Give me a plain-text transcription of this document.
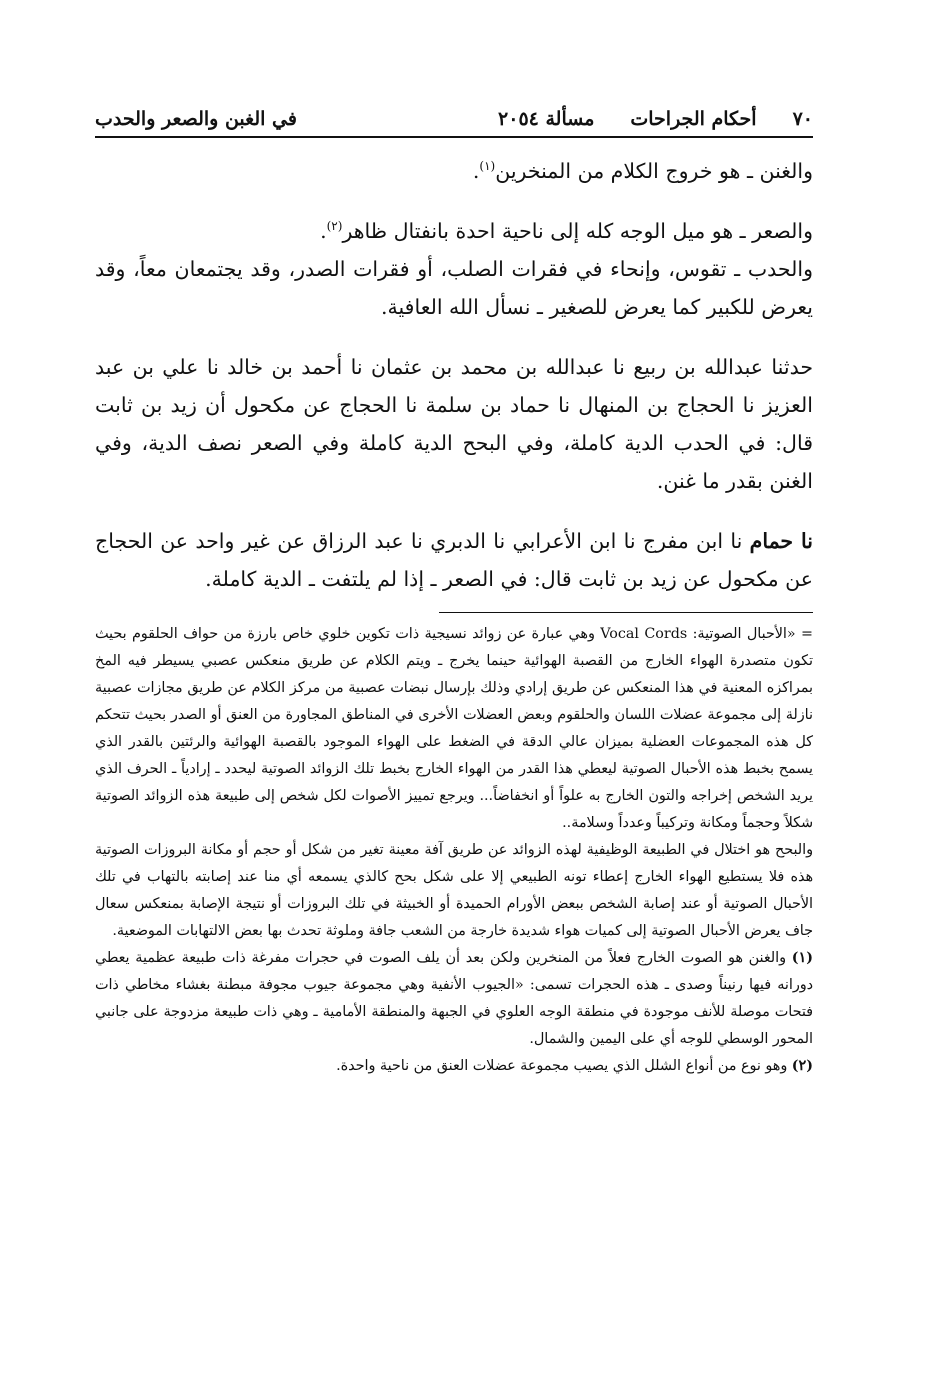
٧٠
أحكام الجراحات
مسألة ٢٠٥٤
في الغبن والصعر والحدب

والغنن ـ هو خروج الكلام من المنخرين$^{(١)}$.

والصعر ـ هو ميل الوجه كله إلى ناحية احدة بانفتال ظاهر$^{(٢)}$.

والحدب ـ تقوس، وإنحاء في فقرات الصلب، أو فقرات الصدر، وقد يجتمعان معاً، وقد يعرض للكبير كما يعرض للصغير ـ نسأل الله العافية.

حدثنا عبدالله بن ربيع نا عبدالله بن محمد بن عثمان نا أحمد بن خالد نا علي بن عبد العزيز نا الحجاج بن المنهال نا حماد بن سلمة نا الحجاج عن مكحول أن زيد بن ثابت قال: في الحدب الدية كاملة، وفي البحح الدية كاملة وفي الصعر نصف الدية، وفي الغنن بقدر ما غنن.

نا حمام نا ابن مفرج نا ابن الأعرابي نا الدبري نا عبد الرزاق عن غير واحد عن الحجاج عن مكحول عن زيد بن ثابت قال: في الصعر ـ إذا لم يلتفت ـ الدية كاملة.

= «الأحبال الصوتية: Vocal Cords وهي عبارة عن زوائد نسيجية ذات تكوين خلوي خاص بارزة من حواف الحلقوم بحيث تكون متصدرة الهواء الخارج من القصبة الهوائية حينما يخرج ـ ويتم الكلام عن طريق منعكس عصبي يسيطر فيه المخ بمراكزه المعنية في هذا المنعكس عن طريق إرادي وذلك بإرسال نبضات عصبية من مركز الكلام عن طريق مجازات عصبية نازلة إلى مجموعة عضلات اللسان والحلقوم وبعض العضلات الأخرى في المناطق المجاورة من العنق أو الصدر بحيث تتحكم كل هذه المجموعات العضلية بميزان عالي الدقة في الضغط على الهواء الموجود بالقصبة الهوائية والرئتين بالقدر الذي يسمح بخبط هذه الأحبال الصوتية ليعطي هذا القدر من الهواء الخارج بخبط تلك الزوائد الصوتية ليحدد ـ إرادياً ـ الحرف الذي يريد الشخص إخراجه والتون الخارج به علواً أو انخفاضاً... ويرجع تمييز الأصوات لكل شخص إلى طبيعة هذه الزوائد الصوتية شكلاً وحجماً ومكانة وتركيباً وعدداً وسلامة..

والبحح هو اختلال في الطبيعة الوظيفية لهذه الزوائد عن طريق آفة معينة تغير من شكل أو حجم أو مكانة البروزات الصوتية هذه فلا يستطيع الهواء الخارج إعطاء تونه الطبيعي إلا على شكل بحح كالذي يسمعه أي منا عند إصابته بالتهاب في تلك الأحبال الصوتية أو عند إصابة الشخص ببعض الأورام الحميدة أو الخبيثة في تلك البروزات أو نتيجة الإصابة بمنعكس سعال جاف يعرض الأحبال الصوتية إلى كميات هواء شديدة خارجة من الشعب جافة وملوثة تحدث بها بعض الالتهابات الموضعية.

(١) والغنن هو الصوت الخارج فعلاً من المنخرين ولكن بعد أن يلف الصوت في حجرات مفرغة ذات طبيعة عظمية يعطي دورانه فيها رنيناً وصدى ـ هذه الحجرات تسمى: «الجيوب الأنفية وهي مجموعة جيوب مجوفة مبطنة بغشاء مخاطي ذات فتحات موصلة للأنف موجودة في منطقة الوجه العلوي في الجبهة والمنطقة الأمامية ـ وهي ذات طبيعة مزدوجة على جانبي المحور الوسطي للوجه أي على اليمين والشمال.

(٢) وهو نوع من أنواع الشلل الذي يصيب مجموعة عضلات العنق من ناحية واحدة.
